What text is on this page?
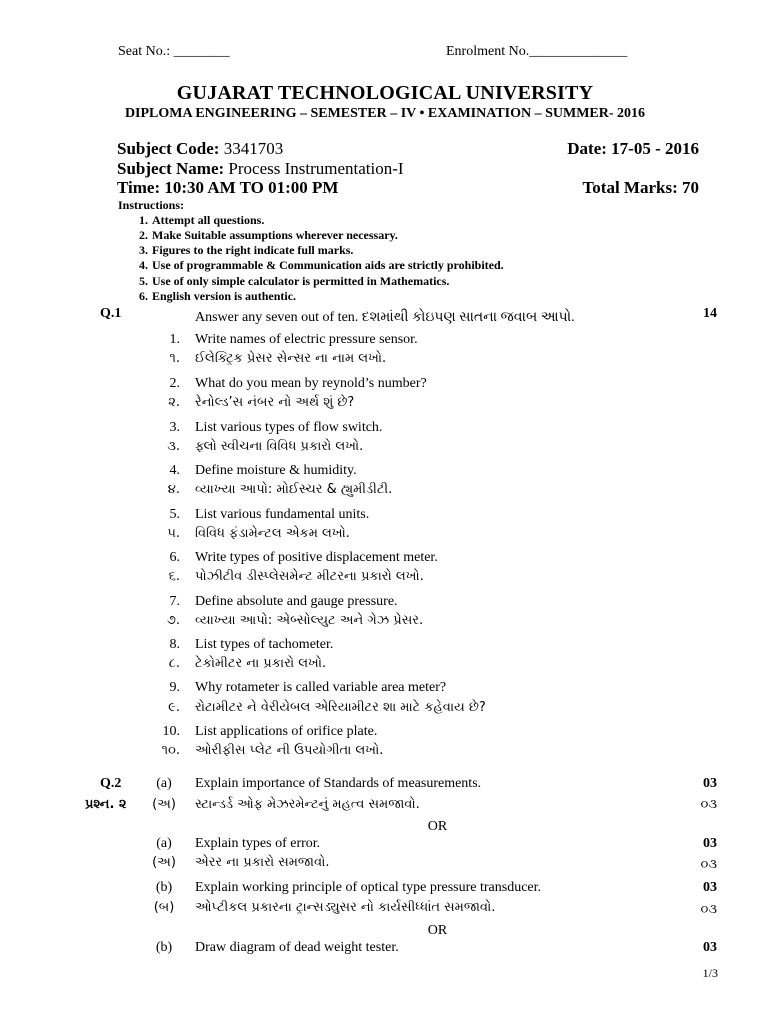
Seat No.: ________	Enrolment No.______________
GUJARAT TECHNOLOGICAL UNIVERSITY
DIPLOMA ENGINEERING – SEMESTER – IV • EXAMINATION – SUMMER- 2016
Subject Code: 3341703	Date: 17-05 - 2016
Subject Name: Process Instrumentation-I
Time: 10:30 AM TO 01:00 PM	Total Marks: 70
Instructions:
1. Attempt all questions.
2. Make Suitable assumptions wherever necessary.
3. Figures to the right indicate full marks.
4. Use of programmable & Communication aids are strictly prohibited.
5. Use of only simple calculator is permitted in Mathematics.
6. English version is authentic.
Q.1	14
Answer any seven out of ten. દશમાંથી કોઇપણ સાતના જવાબ આપો.
1. Write names of electric pressure sensor.
૧. ઈલેક્ટ્રિક પ્રેસર સેન્સર ના નામ લખો.
2. What do you mean by reynold’s number?
૨. રેનોલ્ડ’સ નંબર નો અર્થ શું છે?
3. List various types of flow switch.
૩. ફ્લો સ્વીચના વિવિધ પ્રકારો લખો.
4. Define moisture & humidity.
૪. વ્યાખ્યા આપો: મોઈસ્ચર & હ્યુમીડીટી.
5. List various fundamental units.
૫. વિવિધ ફંડામેન્ટલ એકમ લખો.
6. Write types of positive displacement meter.
૬. પોઝીટીવ ડીસ્પ્લેસમેન્ટ મીટરના પ્રકારો લખો.
7. Define absolute and gauge pressure.
૭. વ્યાખ્યા આપો: એબ્સોલ્યુટ અને ગેઝ પ્રેસર.
8. List types of tachometer.
૮. ટેકોમીટર ના પ્રકારો લખો.
9. Why rotameter is called variable area meter?
૯. રોટામીટર ને વેરીયેબલ એરિયામીટર શા માટે કહેવાય છે?
10. List applications of orifice plate.
૧૦. ઓરીફીસ પ્લેટ ની ઉપયોગીતા લખો.
Q.2	(a)	Explain importance of Standards of measurements.	03
પ્રશ્ન. ૨	(અ)	સ્ટાન્ડર્ડ ઓફ મેઝરમેન્ટનું મહત્વ સમજાવો.	૦૩
OR
(a)	Explain types of error.	03
(અ)	એરર ના પ્રકારો સમજાવો.	૦૩
(b)	Explain working principle of optical type pressure transducer.	03
(બ)	ઓપ્ટીકલ પ્રકારના ટ્રાન્સડ્યુસર નો કાર્યસીધ્ધાંત સમજાવો.	૦૩
OR
(b)	Draw diagram of dead weight tester.	03
1/3
